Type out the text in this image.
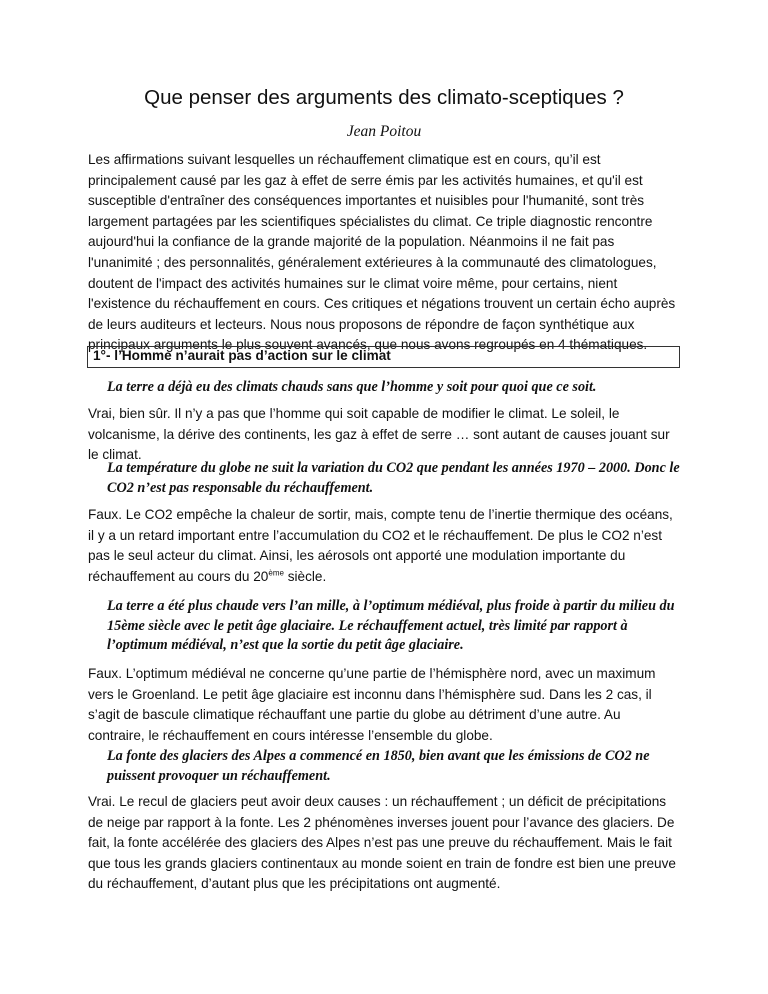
Que penser des arguments des climato-sceptiques ?
Jean Poitou

Les affirmations suivant lesquelles un réchauffement climatique est en cours, qu’il est principalement causé par les gaz à effet de serre émis par les activités humaines, et qu'il est susceptible d'entraîner des conséquences importantes et nuisibles pour l'humanité, sont très largement partagées par les scientifiques spécialistes du climat. Ce triple diagnostic rencontre aujourd'hui la confiance de la grande majorité de la population. Néanmoins il ne fait pas l'unanimité ; des personnalités, généralement extérieures à la communauté des climatologues, doutent de l'impact des activités humaines sur le climat voire même, pour certains, nient l'existence du réchauffement en cours. Ces critiques et négations trouvent un certain écho auprès de leurs auditeurs et lecteurs. Nous nous proposons de répondre de façon synthétique aux principaux arguments le plus souvent avancés, que nous avons regroupés en 4 thématiques.

1°- l’Homme n’aurait pas d’action sur le climat

La terre a déjà eu des climats chauds sans que l’homme y soit pour quoi que ce soit.

Vrai, bien sûr. Il n’y a pas que l’homme qui soit capable de modifier le climat. Le soleil, le volcanisme, la dérive des continents, les gaz à effet de serre … sont autant de causes jouant sur le climat.

La température du globe ne suit la variation du CO2 que pendant les années 1970 – 2000. Donc le CO2 n’est pas responsable du réchauffement.

Faux. Le CO2 empêche la chaleur de sortir, mais, compte tenu de l’inertie thermique des océans, il y a un retard important entre l’accumulation du CO2 et le réchauffement. De plus le CO2 n’est pas le seul acteur du climat. Ainsi, les aérosols ont apporté une modulation importante du réchauffement au cours du 20ème siècle.

La terre a été plus chaude vers l’an mille, à l’optimum médiéval, plus froide à partir du milieu du 15ème siècle avec le petit âge glaciaire. Le réchauffement actuel, très limité par rapport à l’optimum médiéval, n’est que la sortie du petit âge glaciaire.

Faux. L’optimum médiéval ne concerne qu’une partie de l’hémisphère nord, avec un maximum vers le Groenland. Le petit âge glaciaire est inconnu dans l’hémisphère sud. Dans les 2 cas, il s’agit de bascule climatique réchauffant une partie du globe au détriment d’une autre. Au contraire, le réchauffement en cours intéresse l’ensemble du globe.

La fonte des glaciers des Alpes a commencé en 1850, bien avant que les émissions de CO2 ne puissent provoquer un réchauffement.

Vrai. Le recul de glaciers peut avoir deux causes : un réchauffement ; un déficit de précipitations de neige par rapport à la fonte. Les 2 phénomènes inverses jouent pour l’avance des glaciers. De fait, la fonte accélérée des glaciers des Alpes n’est pas une preuve du réchauffement. Mais le fait que tous les grands glaciers continentaux au monde soient en train de fondre est bien une preuve du réchauffement, d’autant plus que les précipitations ont augmenté.
